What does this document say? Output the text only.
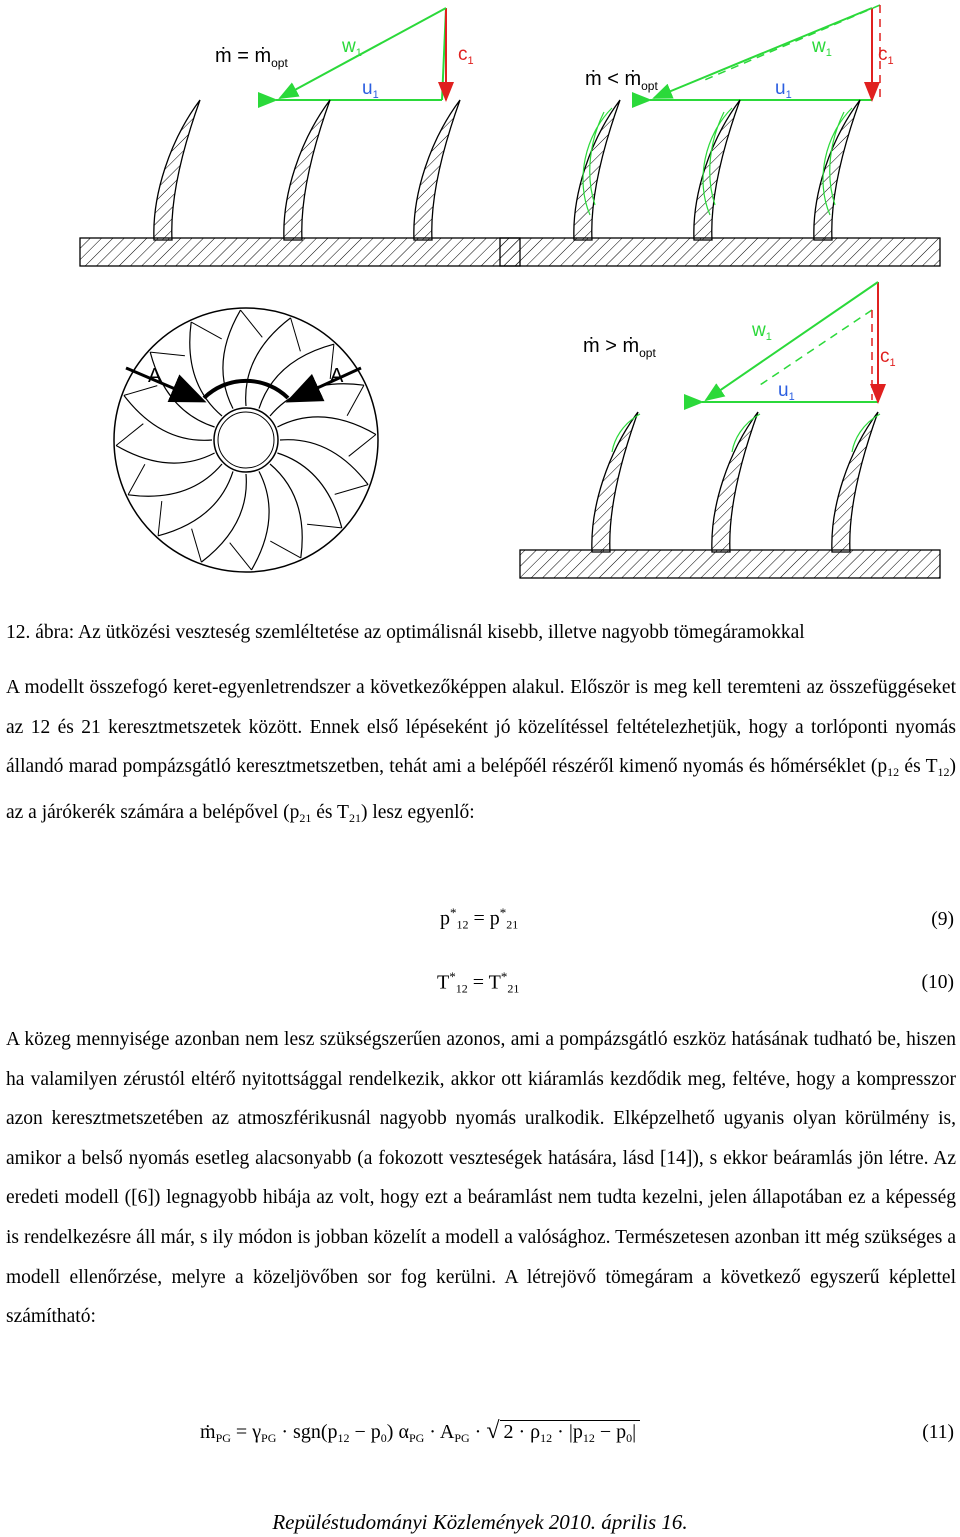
ṁ = ṁ$_{opt}$
$w_1$
$u_1$
$c_1$
ṁ < ṁ$_{opt}$
$w_1$
$u_1$
$c_1$
A	A
ṁ > ṁ$_{opt}$
$w_1$
$u_1$
$c_1$
12. ábra: Az ütközési veszteség szemléltetése az optimálisnál kisebb, illetve nagyobb tömegáramokkal

A modellt összefogó keret-egyenletrendszer a következőképpen alakul. Először is meg kell teremteni az összefüggéseket az 12 és 21 keresztmetszetek között. Ennek első lépéseként jó közelítéssel feltételezhetjük, hogy a torlóponti nyomás állandó marad pompázsgátló keresztmetszetben, tehát ami a belépőél részéről kimenő nyomás és hőmérséklet ($p_{12}$ és $T_{12}$) az a járókerék számára a belépővel ($p_{21}$ és $T_{21}$) lesz egyenlő:

$p^*_{12} = p^*_{21}$	(9)
$T^*_{12} = T^*_{21}$	(10)

A közeg mennyisége azonban nem lesz szükségszerűen azonos, ami a pompázsgátló eszköz hatásának tudható be, hiszen ha valamilyen zérustól eltérő nyitottsággal rendelkezik, akkor ott kiáramlás kezdődik meg, feltéve, hogy a kompresszor azon keresztmetszetében az atmoszférikusnál nagyobb nyomás uralkodik. Elképzelhető ugyanis olyan körülmény is, amikor a belső nyomás esetleg alacsonyabb (a fokozott veszteségek hatására, lásd [14]), s ekkor beáramlás jön létre. Az eredeti modell ([6]) legnagyobb hibája az volt, hogy ezt a beáramlást nem tudta kezelni, jelen állapotában ez a képesség is rendelkezésre áll már, s ily módon is jobban közelít a modell a valósághoz. Természetesen azonban itt még szükséges a modell ellenőrzése, melyre a közeljövőben sor fog kerülni. A létrejövő tömegáram a következő egyszerű képlettel számítható:

ṁ$_{PG}$ = $\gamma_{PG} \cdot sgn(p_{12} - p_0) \alpha_{PG} \cdot A_{PG}$ · √ $2 \cdot \rho_{12} \cdot |p_{12} - p_0|$	(11)
Repüléstudományi Közlemények 2010. április 16.
